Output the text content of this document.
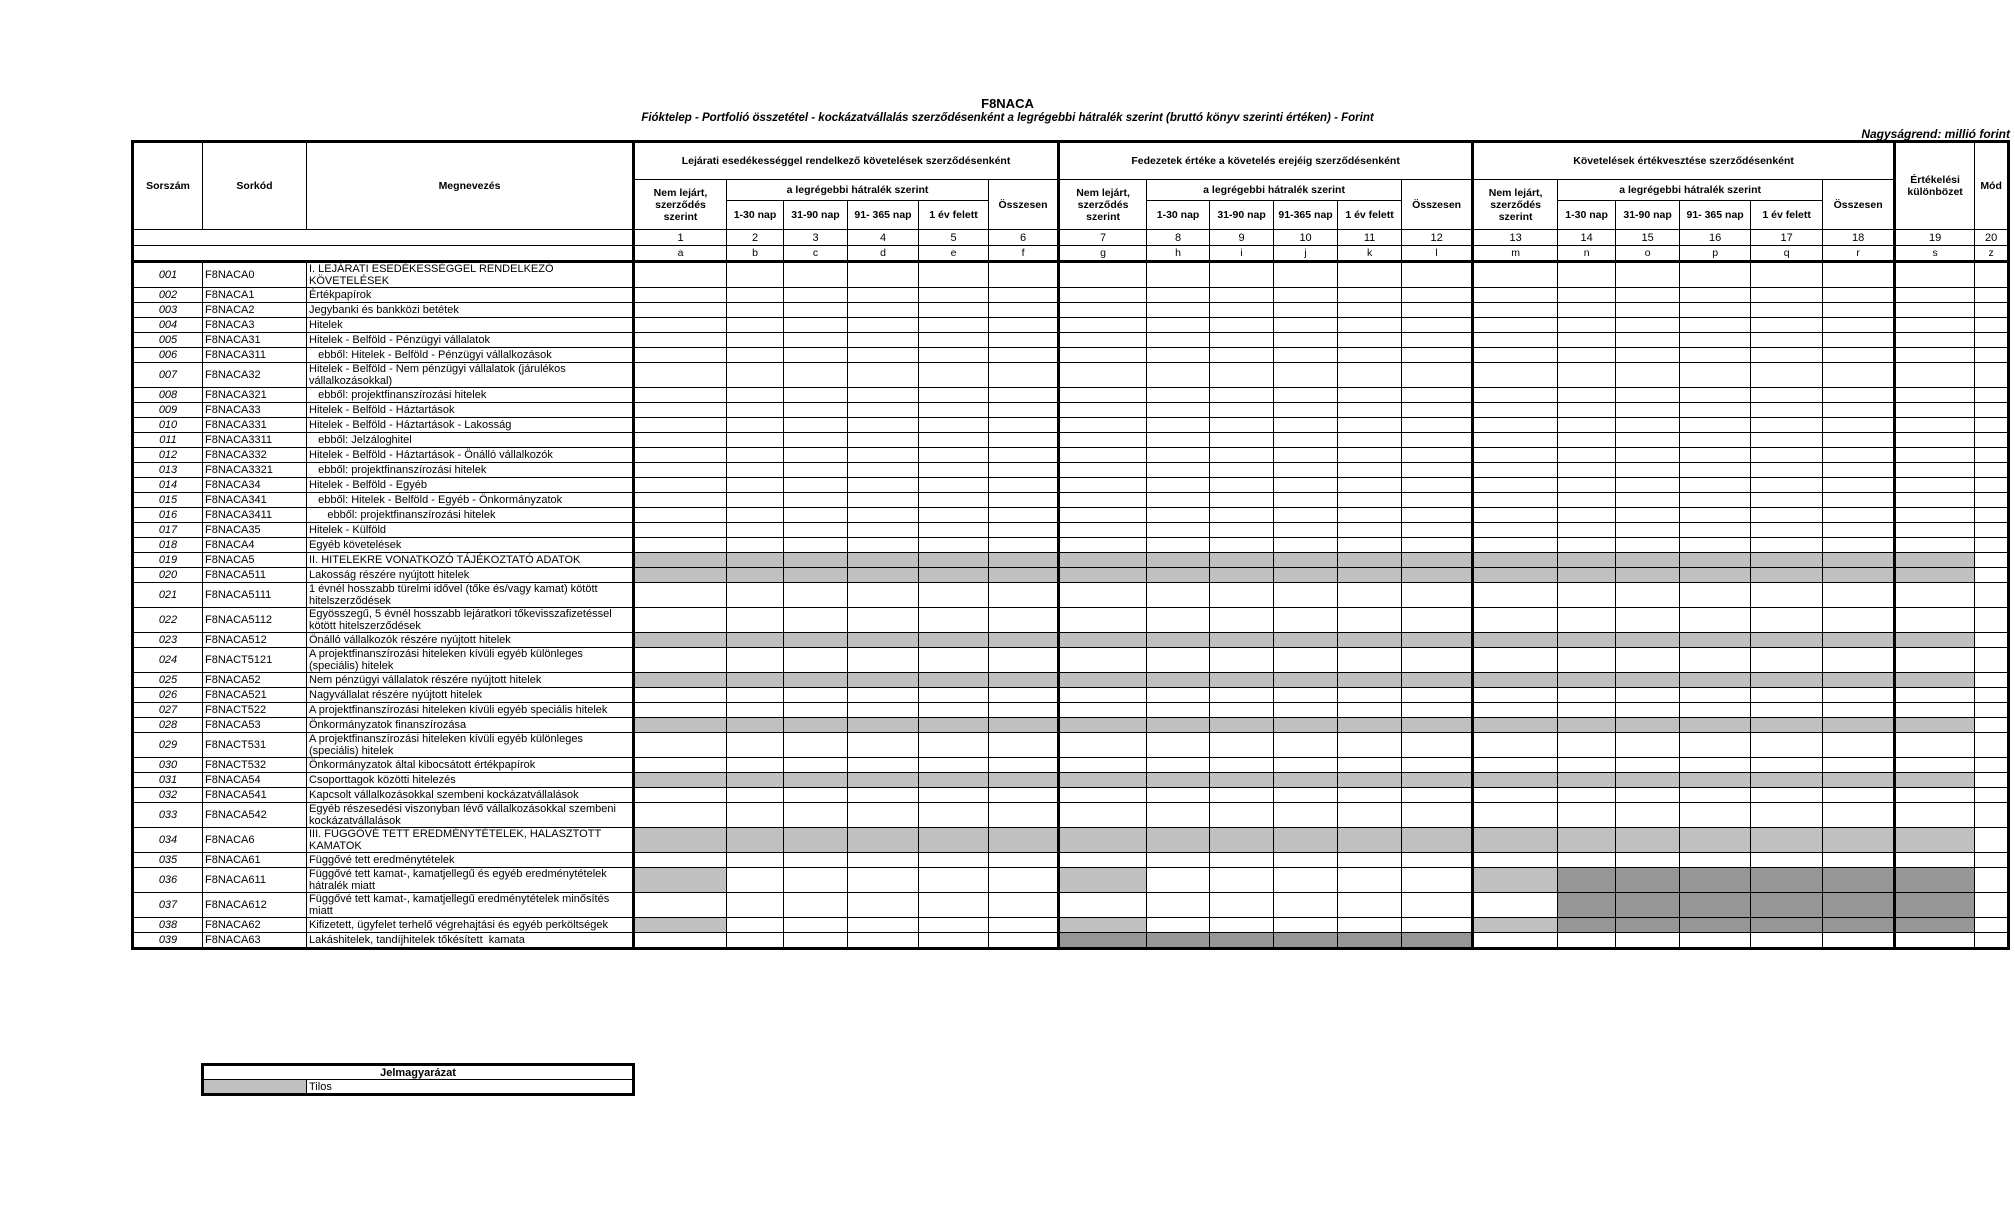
F8NACA
Fióktelep - Portfolió összetétel - kockázatvállalás szerződésenként a legrégebbi hátralék szerint (bruttó könyv szerinti értéken) - Forint
Nagyságrend: millió forint
Sorszám	Sorkód	Megnevezés	Lejárati esedékességgel rendelkező követelések szerződésenként						Fedezetek értéke a követelés erejéig szerződésenként						Követelések értékvesztése szerződésenként						Értékelési különbözet	Mód
			Nem lejárt, szerződés szerint	a legrégebbi hátralék szerint				Összesen	Nem lejárt, szerződés szerint	a legrégebbi hátralék szerint				Összesen	Nem lejárt, szerződés szerint	a legrégebbi hátralék szerint				Összesen		
				1-30 nap	31-90 nap	91- 365 nap	1 év felett			1-30 nap	31-90 nap	91-365 nap	1 év felett			1-30 nap	31-90 nap	91- 365 nap	1 év felett			
			1	2	3	4	5	6	7	8	9	10	11	12	13	14	15	16	17	18	19	20
			a	b	c	d	e	f	g	h	i	j	k	l	m	n	o	p	q	r	s	z
001	F8NACA0	I. LEJÁRATI ESEDÉKESSÉGGEL RENDELKEZŐ KÖVETELÉSEK																				
002	F8NACA1	Értékpapírok																				
003	F8NACA2	Jegybanki és bankközi betétek																				
004	F8NACA3	Hitelek																				
005	F8NACA31	Hitelek - Belföld - Pénzügyi vállalatok																				
006	F8NACA311	ebből: Hitelek - Belföld - Pénzügyi vállalkozások																				
007	F8NACA32	Hitelek - Belföld - Nem pénzügyi vállalatok (járulékos vállalkozásokkal)																				
008	F8NACA321	ebből: projektfinanszírozási hitelek																				
009	F8NACA33	Hitelek - Belföld - Háztartások																				
010	F8NACA331	Hitelek - Belföld - Háztartások - Lakosság																				
011	F8NACA3311	ebből: Jelzáloghitel																				
012	F8NACA332	Hitelek - Belföld - Háztartások - Önálló vállalkozók																				
013	F8NACA3321	ebből: projektfinanszírozási hitelek																				
014	F8NACA34	Hitelek - Belföld - Egyéb																				
015	F8NACA341	ebből: Hitelek - Belföld - Egyéb - Önkormányzatok																				
016	F8NACA3411	ebből: projektfinanszírozási hitelek																				
017	F8NACA35	Hitelek - Külföld																				
018	F8NACA4	Egyéb követelések																				
019	F8NACA5	II. HITELEKRE VONATKOZÓ TÁJÉKOZTATÓ ADATOK																				
020	F8NACA511	Lakosság részére nyújtott hitelek																				
021	F8NACA5111	1 évnél hosszabb türelmi idővel (tőke és/vagy kamat) kötött hitelszerződések																				
022	F8NACA5112	Egyösszegű, 5 évnél hosszabb lejáratkori tőkevisszafizetéssel kötött hitelszerződések																				
023	F8NACA512	Önálló vállalkozók részére nyújtott hitelek																				
024	F8NACT5121	A projektfinanszírozási hiteleken kívüli egyéb különleges (speciális) hitelek																				
025	F8NACA52	Nem pénzügyi vállalatok részére nyújtott hitelek																				
026	F8NACA521	Nagyvállalat részére nyújtott hitelek																				
027	F8NACT522	A projektfinanszírozási hiteleken kívüli egyéb speciális hitelek																				
028	F8NACA53	Önkormányzatok finanszírozása																				
029	F8NACT531	A projektfinanszírozási hiteleken kívüli egyéb különleges (speciális) hitelek																				
030	F8NACT532	Önkormányzatok által kibocsátott értékpapírok																				
031	F8NACA54	Csoporttagok közötti hitelezés																				
032	F8NACA541	Kapcsolt vállalkozásokkal szembeni kockázatvállalások																				
033	F8NACA542	Egyéb részesedési viszonyban lévő vállalkozásokkal szembeni kockázatvállalások																				
034	F8NACA6	III. FÜGGŐVÉ TETT EREDMÉNYTÉTELEK, HALASZTOTT KAMATOK																				
035	F8NACA61	Függővé tett eredménytételek																				
036	F8NACA611	Függővé tett kamat-, kamatjellegű és egyéb eredménytételek hátralék miatt																				
037	F8NACA612	Függővé tett kamat-, kamatjellegű eredménytételek minősítés miatt																				
038	F8NACA62	Kifizetett, ügyfelet terhelő végrehajtási és egyéb perköltségek																				
039	F8NACA63	Lakáshitelek, tandíjhitelek tőkésített  kamata																				
Jelmagyarázat
	Tilos
